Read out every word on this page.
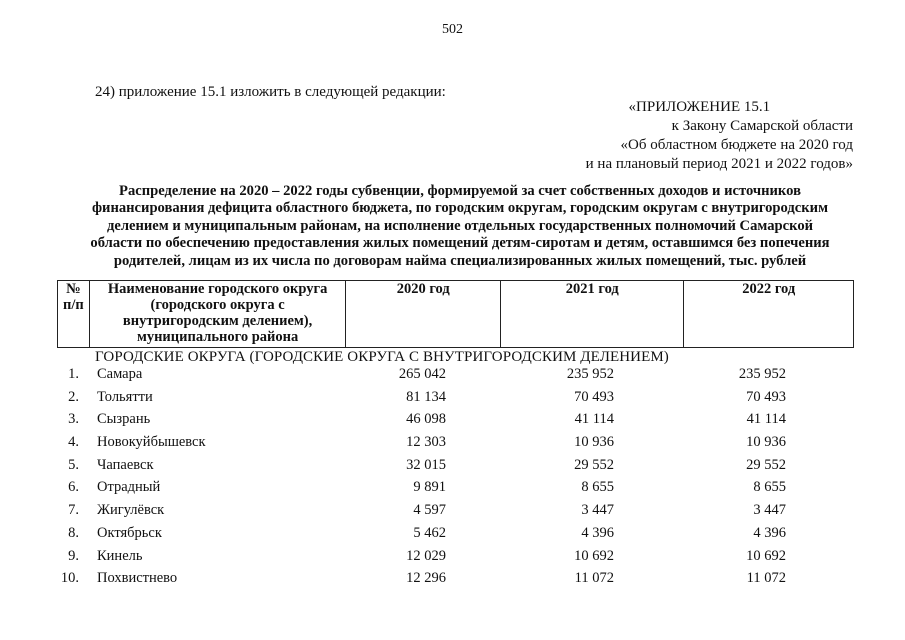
502
24) приложение 15.1 изложить в следующей редакции:
«ПРИЛОЖЕНИЕ 15.1
к Закону Самарской области
«Об областном бюджете на 2020 год
и на плановый период 2021 и 2022 годов»
Распределение на 2020 – 2022 годы субвенции, формируемой за счет собственных доходов и источников
финансирования дефицита областного бюджета, по городским округам, городским округам с внутригородским
делением и муниципальным районам, на исполнение отдельных государственных полномочий Самарской
области по обеспечению предоставления жилых помещений детям-сиротам и детям, оставшимся без попечения
родителей, лицам из их числа по договорам найма специализированных жилых помещений, тыс. рублей
№
п/п

Наименование городского округа
(городского округа с
внутригородским делением),
муниципального района
	2020 год	2021 год	2022 год
ГОРОДСКИЕ ОКРУГА (ГОРОДСКИЕ ОКРУГА С ВНУТРИГОРОДСКИМ ДЕЛЕНИЕМ)
1. Самара	265 042	235 952	235 952
2. Тольятти	81 134	70 493	70 493
3. Сызрань	46 098	41 114	41 114
4. Новокуйбышевск	12 303	10 936	10 936
5. Чапаевск	32 015	29 552	29 552
6. Отрадный	9 891	8 655	8 655
7. Жигулёвск	4 597	3 447	3 447
8. Октябрьск	5 462	4 396	4 396
9. Кинель	12 029	10 692	10 692
10. Похвистнево	12 296	11 072	11 072
